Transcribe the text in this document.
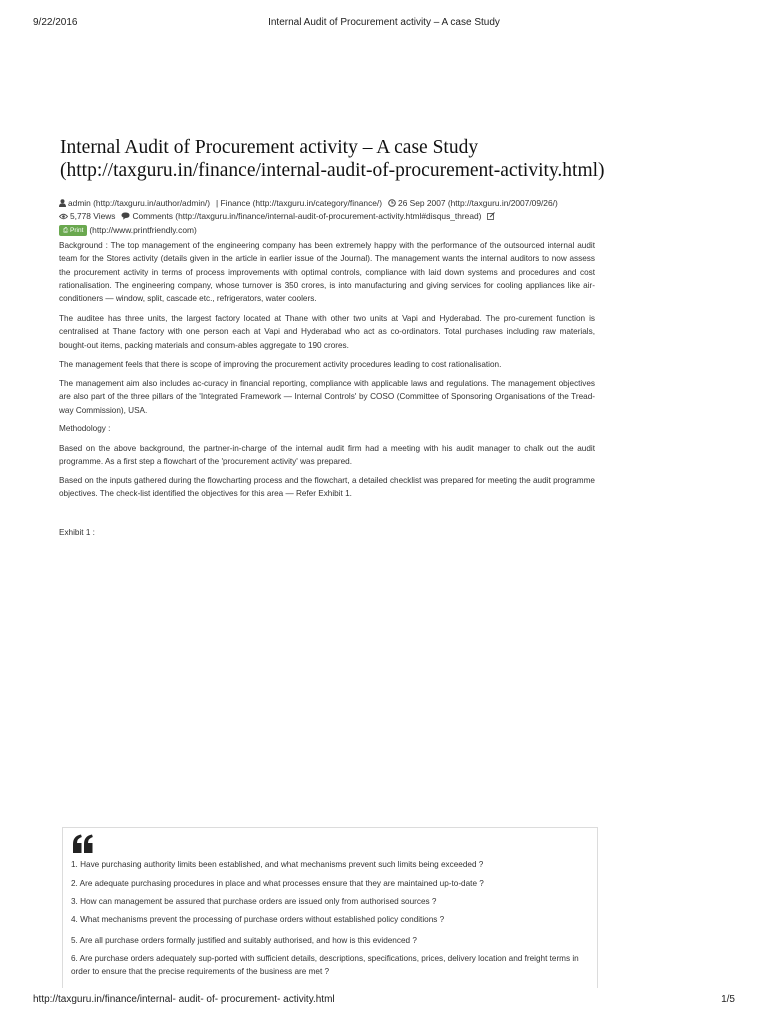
9/22/2016	Internal Audit of Procurement activity – A case Study
Internal Audit of Procurement activity – A case Study
(http://taxguru.in/finance/internal-audit-of-procurement-activity.html)
admin (http://taxguru.in/author/admin/) | Finance (http://taxguru.in/category/finance/) 26 Sep 2007 (http://taxguru.in/2007/09/26/)
5,778 Views Comments (http://taxguru.in/finance/internal-audit-of-procurement-activity.html#disqus_thread)
⎙ Print (http://www.printfriendly.com)

Background : The top management of the engineering company has been extremely happy with the performance of the outsourced internal audit team for the Stores activity (details given in the article in earlier issue of the Journal). The management wants the internal auditors to now assess the procurement activity in terms of process improvements with optimal controls, compliance with laid down systems and procedures and cost rationalisation. The engineering company, whose turnover is 350 crores, is into manufacturing and giving services for cooling appliances like air-conditioners — window, split, cascade etc., refrigerators, water coolers.

The auditee has three units, the largest factory located at Thane with other two units at Vapi and Hyderabad. The pro-curement function is centralised at Thane factory with one person each at Vapi and Hyderabad who act as co-ordinators. Total purchases including raw materials, bought-out items, packing materials and consum-ables aggregate to 190 crores.

The management feels that there is scope of improving the procurement activity procedures leading to cost rationalisation.

The management aim also includes ac-curacy in financial reporting, compliance with applicable laws and regulations. The management objectives are also part of the three pillars of the 'Integrated Framework — Internal Controls' by COSO (Committee of Sponsoring Organisations of the Tread-way Commission), USA.

Methodology :

Based on the above background, the partner-in-charge of the internal audit firm had a meeting with his audit manager to chalk out the audit programme. As a first step a flowchart of the 'procurement activity' was prepared.

Based on the inputs gathered during the flowcharting process and the flowchart, a detailed checklist was prepared for meeting the audit programme objectives. The check-list identified the objectives for this area — Refer Exhibit 1.

Exhibit 1 :

1. Have purchasing authority limits been established, and what mechanisms prevent such limits being exceeded ?

2. Are adequate purchasing procedures in place and what processes ensure that they are maintained up-to-date ?

3. How can management be assured that purchase orders are issued only from authorised sources ?

4. What mechanisms prevent the processing of purchase orders without established policy conditions ?

5. Are all purchase orders formally justified and suitably authorised, and how is this evidenced ?

6. Are purchase orders adequately sup-ported with sufficient details, descriptions, specifications, prices, delivery location and freight terms in order to ensure that the precise requirements of the business are met ?

http://taxguru.in/finance/internal- audit- of- procurement- activity.html	1/5
